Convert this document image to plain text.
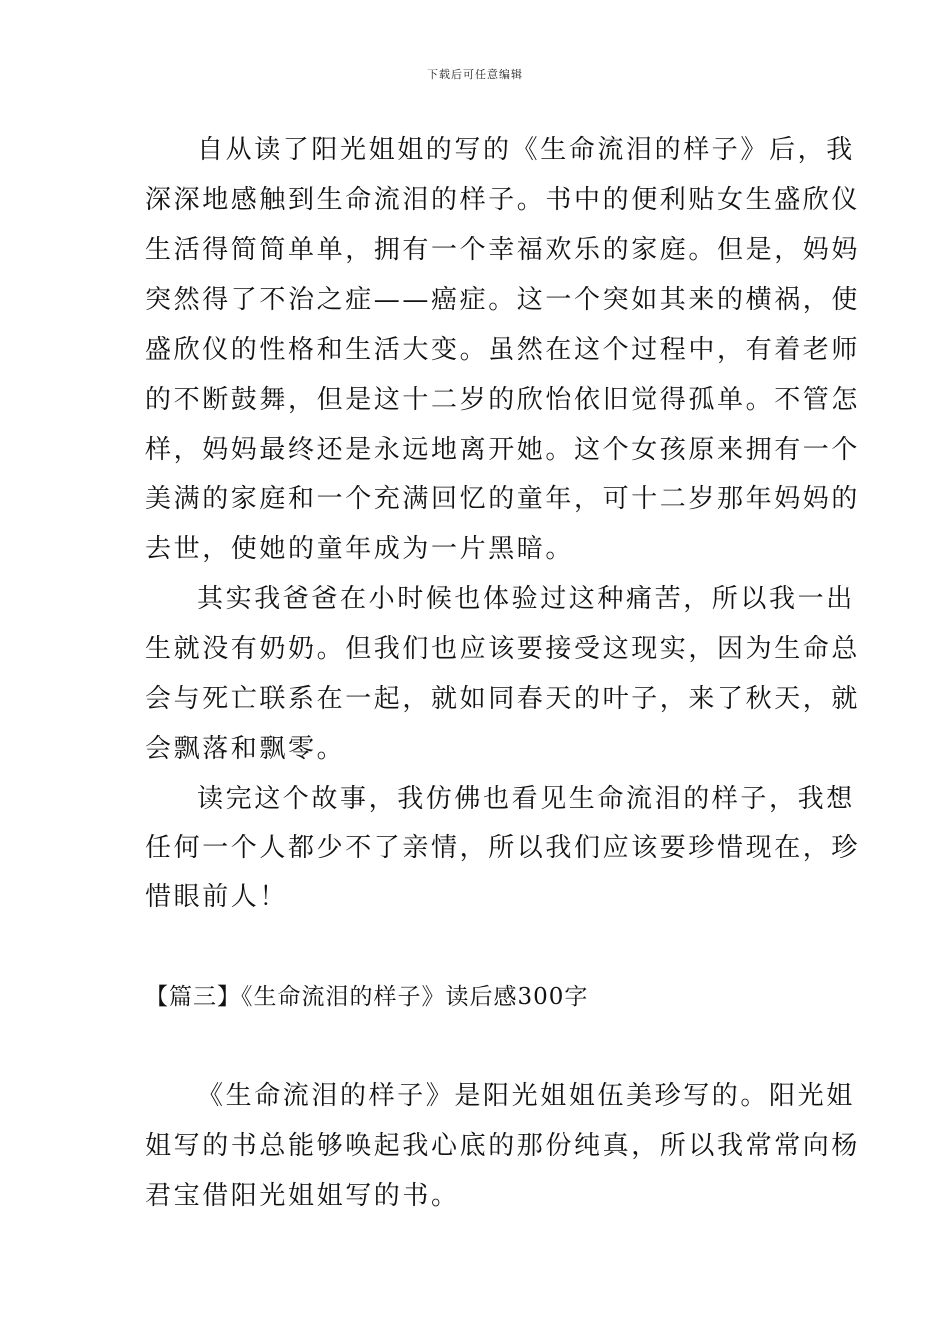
下载后可任意编辑
自从读了阳光姐姐的写的《生命流泪的样子》后，我
深深地感触到生命流泪的样子。书中的便利贴女生盛欣仪
生活得简简单单，拥有一个幸福欢乐的家庭。但是，妈妈
突然得了不治之症——癌症。这一个突如其来的横祸，使
盛欣仪的性格和生活大变。虽然在这个过程中，有着老师
的不断鼓舞，但是这十二岁的欣怡依旧觉得孤单。不管怎
样，妈妈最终还是永远地离开她。这个女孩原来拥有一个
美满的家庭和一个充满回忆的童年，可十二岁那年妈妈的
去世，使她的童年成为一片黑暗。
其实我爸爸在小时候也体验过这种痛苦，所以我一出
生就没有奶奶。但我们也应该要接受这现实，因为生命总
会与死亡联系在一起，就如同春天的叶子，来了秋天，就
会飘落和飘零。
读完这个故事，我仿佛也看见生命流泪的样子，我想
任何一个人都少不了亲情，所以我们应该要珍惜现在，珍
惜眼前人！
【篇三】《生命流泪的样子》读后感300字
《生命流泪的样子》是阳光姐姐伍美珍写的。阳光姐
姐写的书总能够唤起我心底的那份纯真，所以我常常向杨
君宝借阳光姐姐写的书。
